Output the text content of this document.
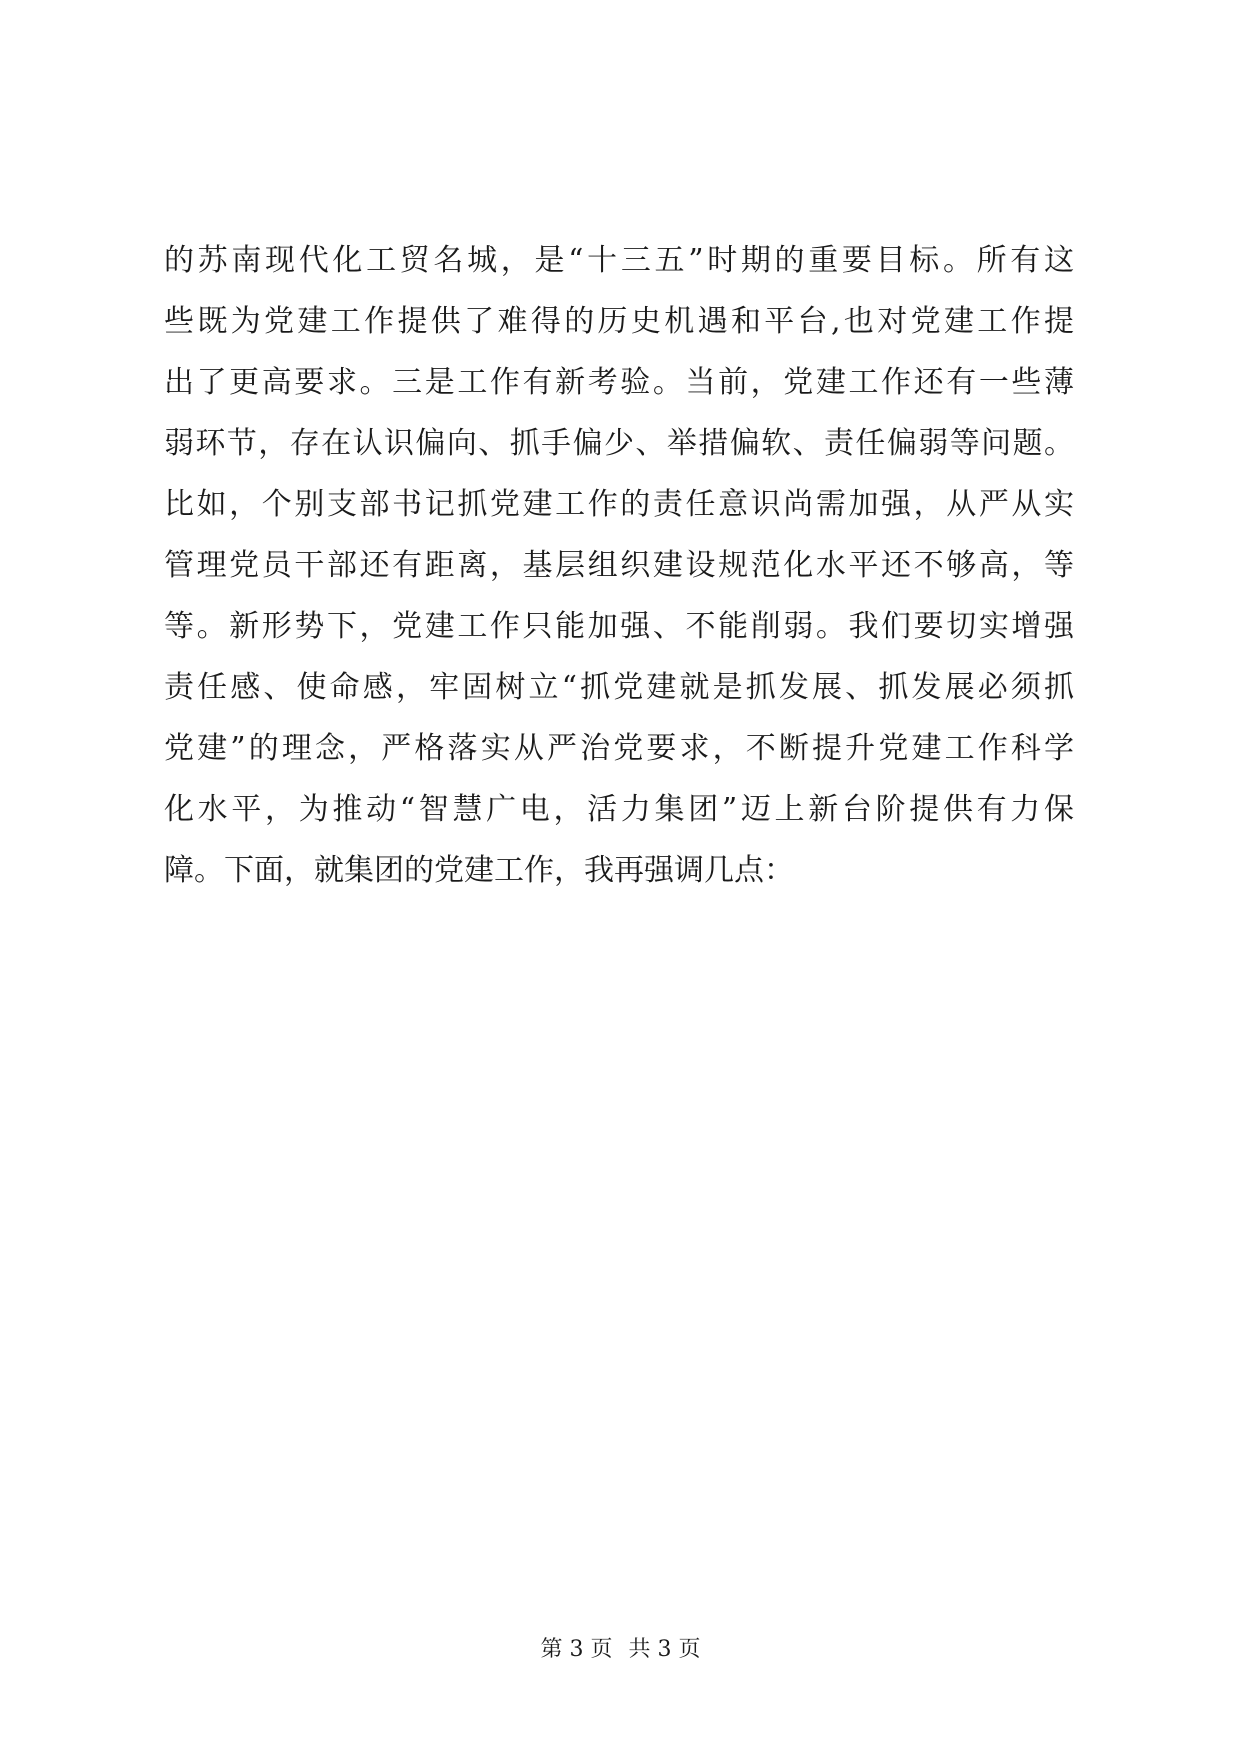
的苏南现代化工贸名城，是“十三五”时期的重要目标。所有这
些既为党建工作提供了难得的历史机遇和平台,也对党建工作提
出了更高要求。三是工作有新考验。当前，党建工作还有一些薄
弱环节，存在认识偏向、抓手偏少、举措偏软、责任偏弱等问题。
比如，个别支部书记抓党建工作的责任意识尚需加强，从严从实
管理党员干部还有距离，基层组织建设规范化水平还不够高，等
等。新形势下，党建工作只能加强、不能削弱。我们要切实增强
责任感、使命感，牢固树立“抓党建就是抓发展、抓发展必须抓
党建”的理念，严格落实从严治党要求，不断提升党建工作科学
化水平，为推动“智慧广电，活力集团”迈上新台阶提供有力保
障。下面，就集团的党建工作，我再强调几点：
第 3 页 共 3 页
